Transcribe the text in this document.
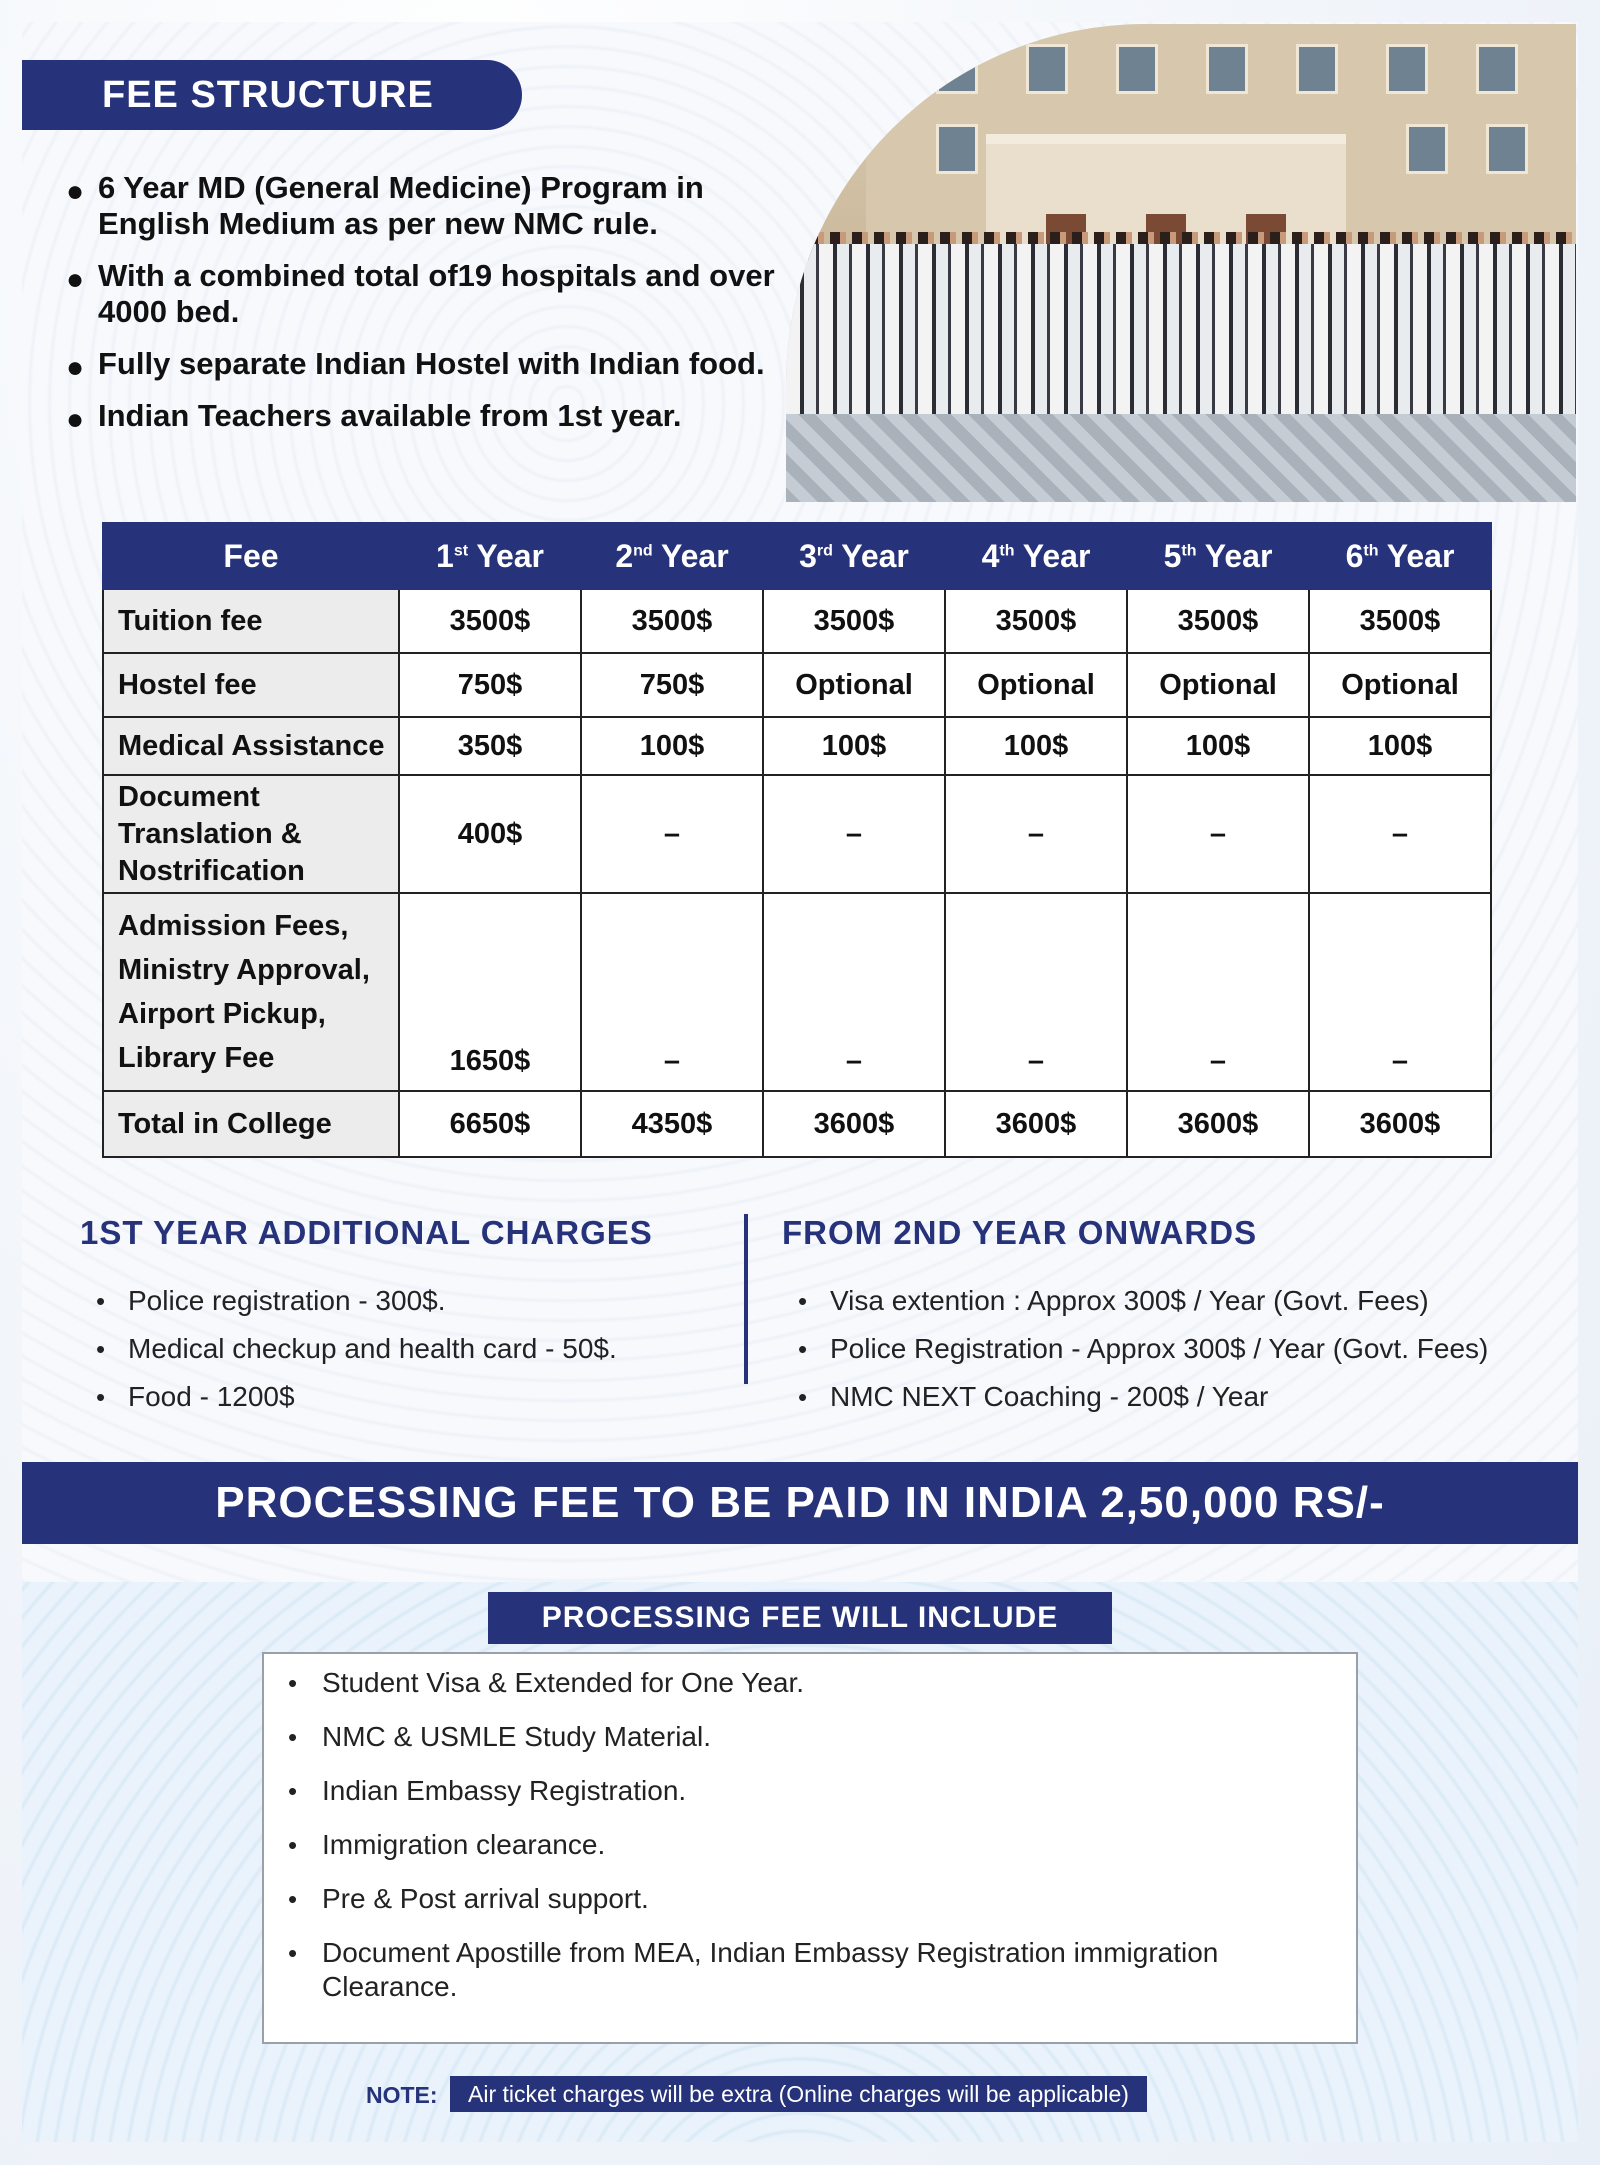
FEE STRUCTURE
● 6 Year MD (General Medicine) Program in English Medium as per new NMC rule.
● With a combined total of19 hospitals and over 4000 bed.
● Fully separate Indian Hostel with Indian food.
● Indian Teachers available from 1st year.
Fee	1st Year	2nd Year	3rd Year	4th Year	5th Year	6th Year
Tuition fee	3500$	3500$	3500$	3500$	3500$	3500$
Hostel fee	750$	750$	Optional	Optional	Optional	Optional
Medical Assistance	350$	100$	100$	100$	100$	100$
Document Translation & Nostrification	400$	–	–	–	–	–
Admission Fees, Ministry Approval, Airport Pickup, Library Fee	1650$	–	–	–	–	–
Total in College	6650$	4350$	3600$	3600$	3600$	3600$
1ST YEAR ADDITIONAL CHARGES
• Police registration - 300$.
• Medical checkup and health card - 50$.
• Food - 1200$
FROM 2ND YEAR ONWARDS
• Visa extention : Approx 300$ / Year (Govt. Fees)
• Police Registration - Approx 300$ / Year (Govt. Fees)
• NMC NEXT Coaching - 200$ / Year
PROCESSING FEE TO BE PAID IN INDIA 2,50,000 RS/-
PROCESSING FEE WILL INCLUDE
• Student Visa & Extended for One Year.
• NMC & USMLE Study Material.
• Indian Embassy Registration.
• Immigration clearance.
• Pre & Post arrival support.
• Document Apostille from MEA, Indian Embassy Registration immigration Clearance.
NOTE:	Air ticket charges will be extra (Online charges will be applicable)
